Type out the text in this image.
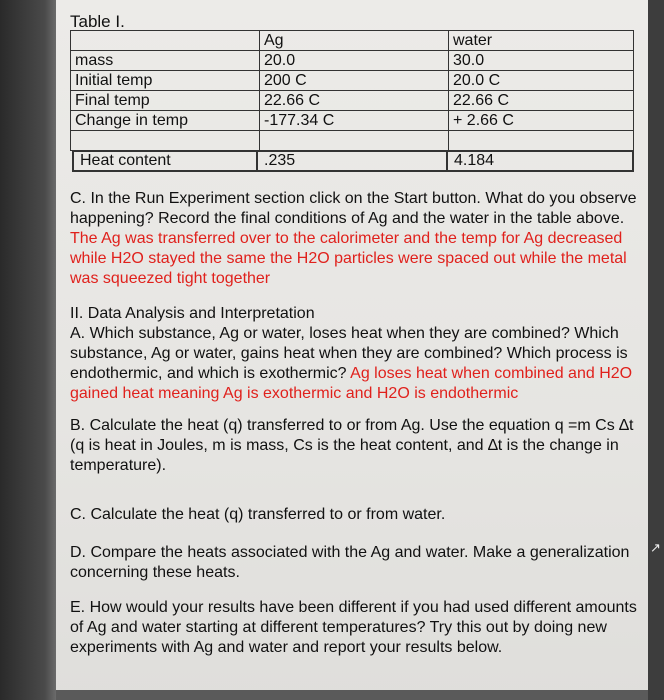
Table I.
	Ag	water
mass	20.0	30.0
Initial temp	200 C	20.0 C
Final temp	22.66 C	22.66 C
Change in temp	-177.34 C	+ 2.66 C

Heat content	.235	4.184
C. In the Run Experiment section click on the Start button. What do you observe happening? Record the final conditions of Ag and the water in the table above. The Ag was transferred over to the calorimeter and the temp for Ag decreased while H2O stayed the same the H2O particles were spaced out while the metal was squeezed tight together
II. Data Analysis and Interpretation
A. Which substance, Ag or water, loses heat when they are combined? Which substance, Ag or water, gains heat when they are combined? Which process is endothermic, and which is exothermic? Ag loses heat when combined and H2O gained heat meaning Ag is exothermic and H2O is endothermic
B. Calculate the heat (q) transferred to or from Ag. Use the equation q =m Cs ∆t (q is heat in Joules, m is mass, Cs is the heat content, and ∆t is the change in temperature).
C. Calculate the heat (q) transferred to or from water.
D. Compare the heats associated with the Ag and water. Make a generalization concerning these heats.
E. How would your results have been different if you had used different amounts of Ag and water starting at different temperatures? Try this out by doing new experiments with Ag and water and report your results below.
↗
